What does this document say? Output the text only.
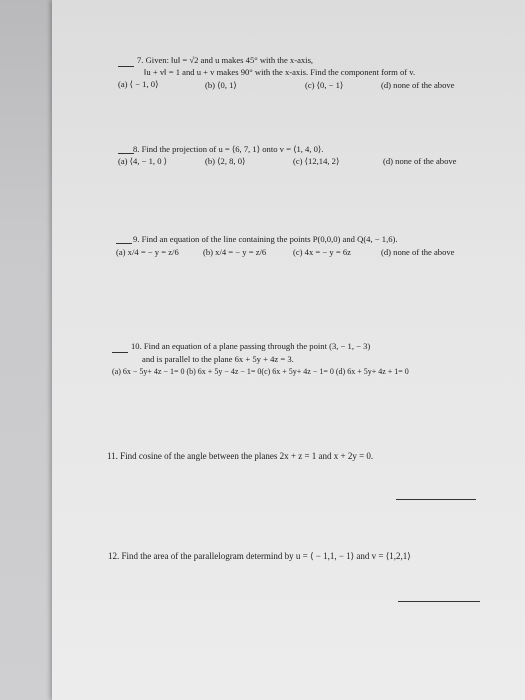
7. Given: ‖u‖ = √2 and u makes 45° with the x-axis,
‖u + v‖ = 1 and u + v makes 90° with the x-axis. Find the component form of v.
(a) ⟨ − 1, 0⟩	(b) ⟨0, 1⟩	(c) ⟨0, − 1⟩	(d) none of the above
8. Find the projection of u = ⟨6, 7, 1⟩ onto v = ⟨1, 4, 0⟩.
(a) ⟨4, − 1, 0 ⟩	(b) ⟨2, 8, 0⟩	(c) ⟨12,14, 2⟩	(d) none of the above
9. Find an equation of the line containing the points P(0,0,0) and Q(4, − 1,6).
(a) x/4 = − y = z/6	(b) x/4 = − y = z/6	(c) 4x = − y = 6z	(d) none of the above
10. Find an equation of a plane passing through the point (3, − 1, − 3)
and is parallel to the plane 6x + 5y + 4z = 3.
(a) 6x − 5y+ 4z − 1= 0 (b) 6x + 5y − 4z − 1= 0(c) 6x + 5y+ 4z − 1= 0 (d) 6x + 5y+ 4z + 1= 0
11. Find cosine of the angle between the planes 2x + z = 1 and x + 2y = 0.
12. Find the area of the parallelogram determind by u = ⟨ − 1,1, − 1⟩ and v = ⟨1,2,1⟩
